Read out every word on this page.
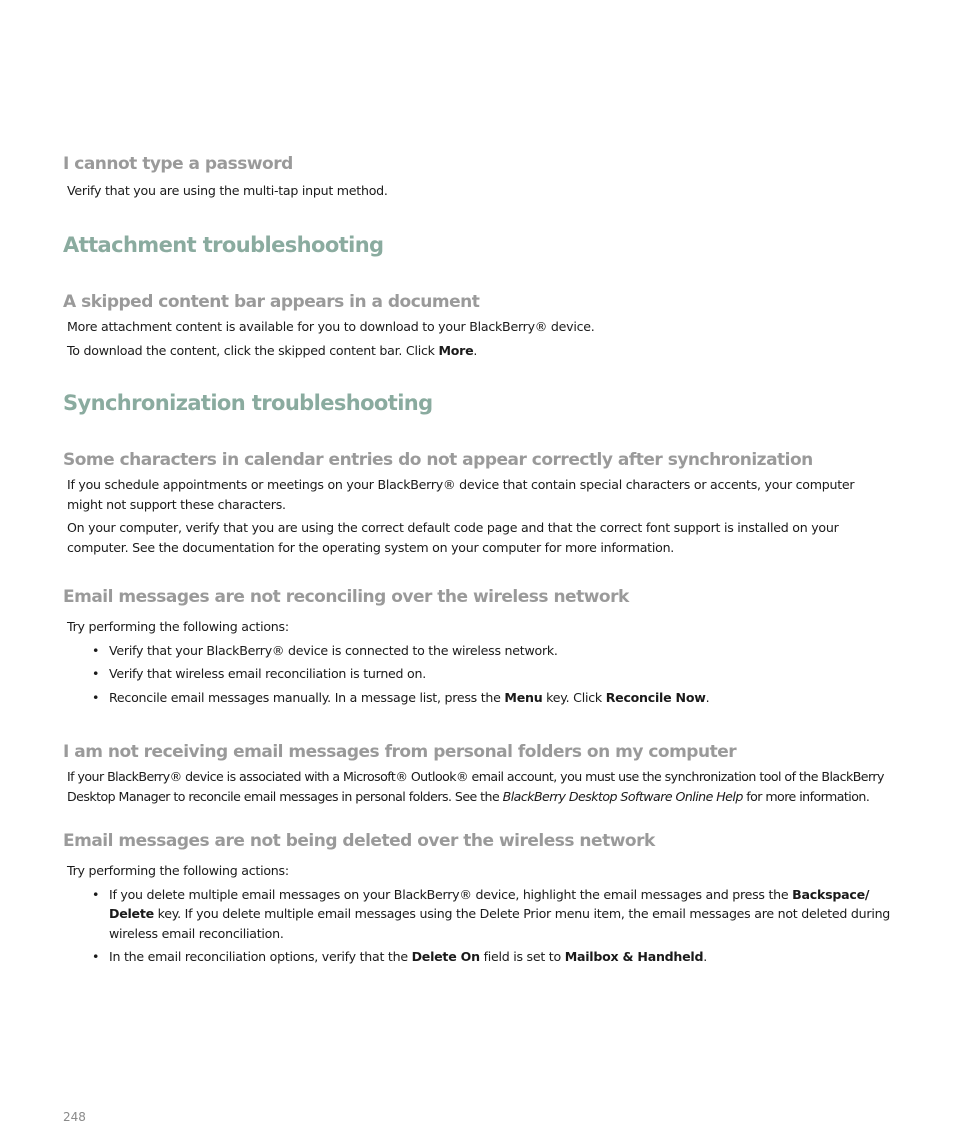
I cannot type a password

Verify that you are using the multi-tap input method.

Attachment troubleshooting
A skipped content bar appears in a document

More attachment content is available for you to download to your BlackBerry® device.

To download the content, click the skipped content bar. Click More.

Synchronization troubleshooting
Some characters in calendar entries do not appear correctly after synchronization

If you schedule appointments or meetings on your BlackBerry® device that contain special characters or accents, your computer might not support these characters.

On your computer, verify that you are using the correct default code page and that the correct font support is installed on your computer. See the documentation for the operating system on your computer for more information.

Email messages are not reconciling over the wireless network

Try performing the following actions:

• Verify that your BlackBerry® device is connected to the wireless network.
• Verify that wireless email reconciliation is turned on.
• Reconcile email messages manually. In a message list, press the Menu key. Click Reconcile Now.
I am not receiving email messages from personal folders on my computer

If your BlackBerry® device is associated with a Microsoft® Outlook® email account, you must use the synchronization tool of the BlackBerry Desktop Manager to reconcile email messages in personal folders. See the BlackBerry Desktop Software Online Help for more information.

Email messages are not being deleted over the wireless network

Try performing the following actions:

• If you delete multiple email messages on your BlackBerry® device, highlight the email messages and press the Backspace/ Delete key. If you delete multiple email messages using the Delete Prior menu item, the email messages are not deleted during wireless email reconciliation.
• In the email reconciliation options, verify that the Delete On field is set to Mailbox & Handheld.
248
